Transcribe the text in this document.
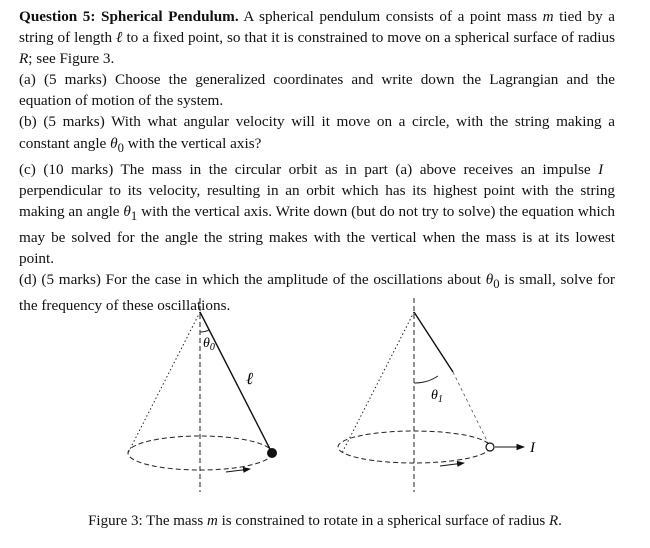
Question 5: Spherical Pendulum. A spherical pendulum consists of a point mass m tied by a string of length ℓ to a fixed point, so that it is constrained to move on a spherical surface of radius R; see Figure 3.

(a) (5 marks) Choose the generalized coordinates and write down the Lagrangian and the equation of motion of the system.

(b) (5 marks) With what angular velocity will it move on a circle, with the string making a constant angle $\theta_0$ with the vertical axis?

(c) (10 marks) The mass in the circular orbit as in part (a) above receives an impulse I⃗ perpendicular to its velocity, resulting in an orbit which has its highest point with the string making an angle $\theta_1$ with the vertical axis. Write down (but do not try to solve) the equation which may be solved for the angle the string makes with the vertical when the mass is at its lowest point.

(d) (5 marks) For the case in which the amplitude of the oscillations about $\theta_0$ is small, solve for the frequency of these oscillations.

$\theta_0$
ℓ
I⃗
$\theta_1$
Figure 3: The mass m is constrained to rotate in a spherical surface of radius R.
